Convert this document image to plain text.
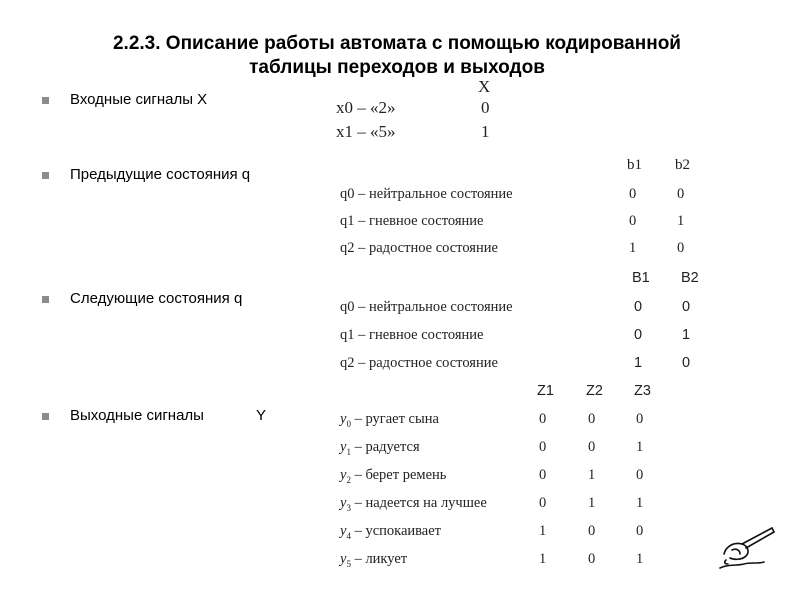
2.2.3. Описание работы автомата с помощью кодированной
таблицы переходов и выходов
Входные сигналы X
Предыдущие состояния q
Следующие состояния q
Выходные сигналы	Y
X
x0 – «2»	0
x1 – «5»	1
b1 b2
q0 – нейтральное состояние	0	0
q1 – гневное состояние	0	1
q2 – радостное состояние	1	0
B1 B2
q0 – нейтральное состояние	0	0
q1 – гневное состояние	0	1
q2 – радостное состояние	1	0
Z1 Z2 Z3
$y_0$ – ругает сына	0	0	0
$y_1$ – радуется	0	0	1
$y_2$ – берет ремень	0	1	0
$y_3$ – надеется на лучшее	0	1	1
$y_4$ – успокаивает	1	0	0
$y_5$ – ликует	1	0	1
